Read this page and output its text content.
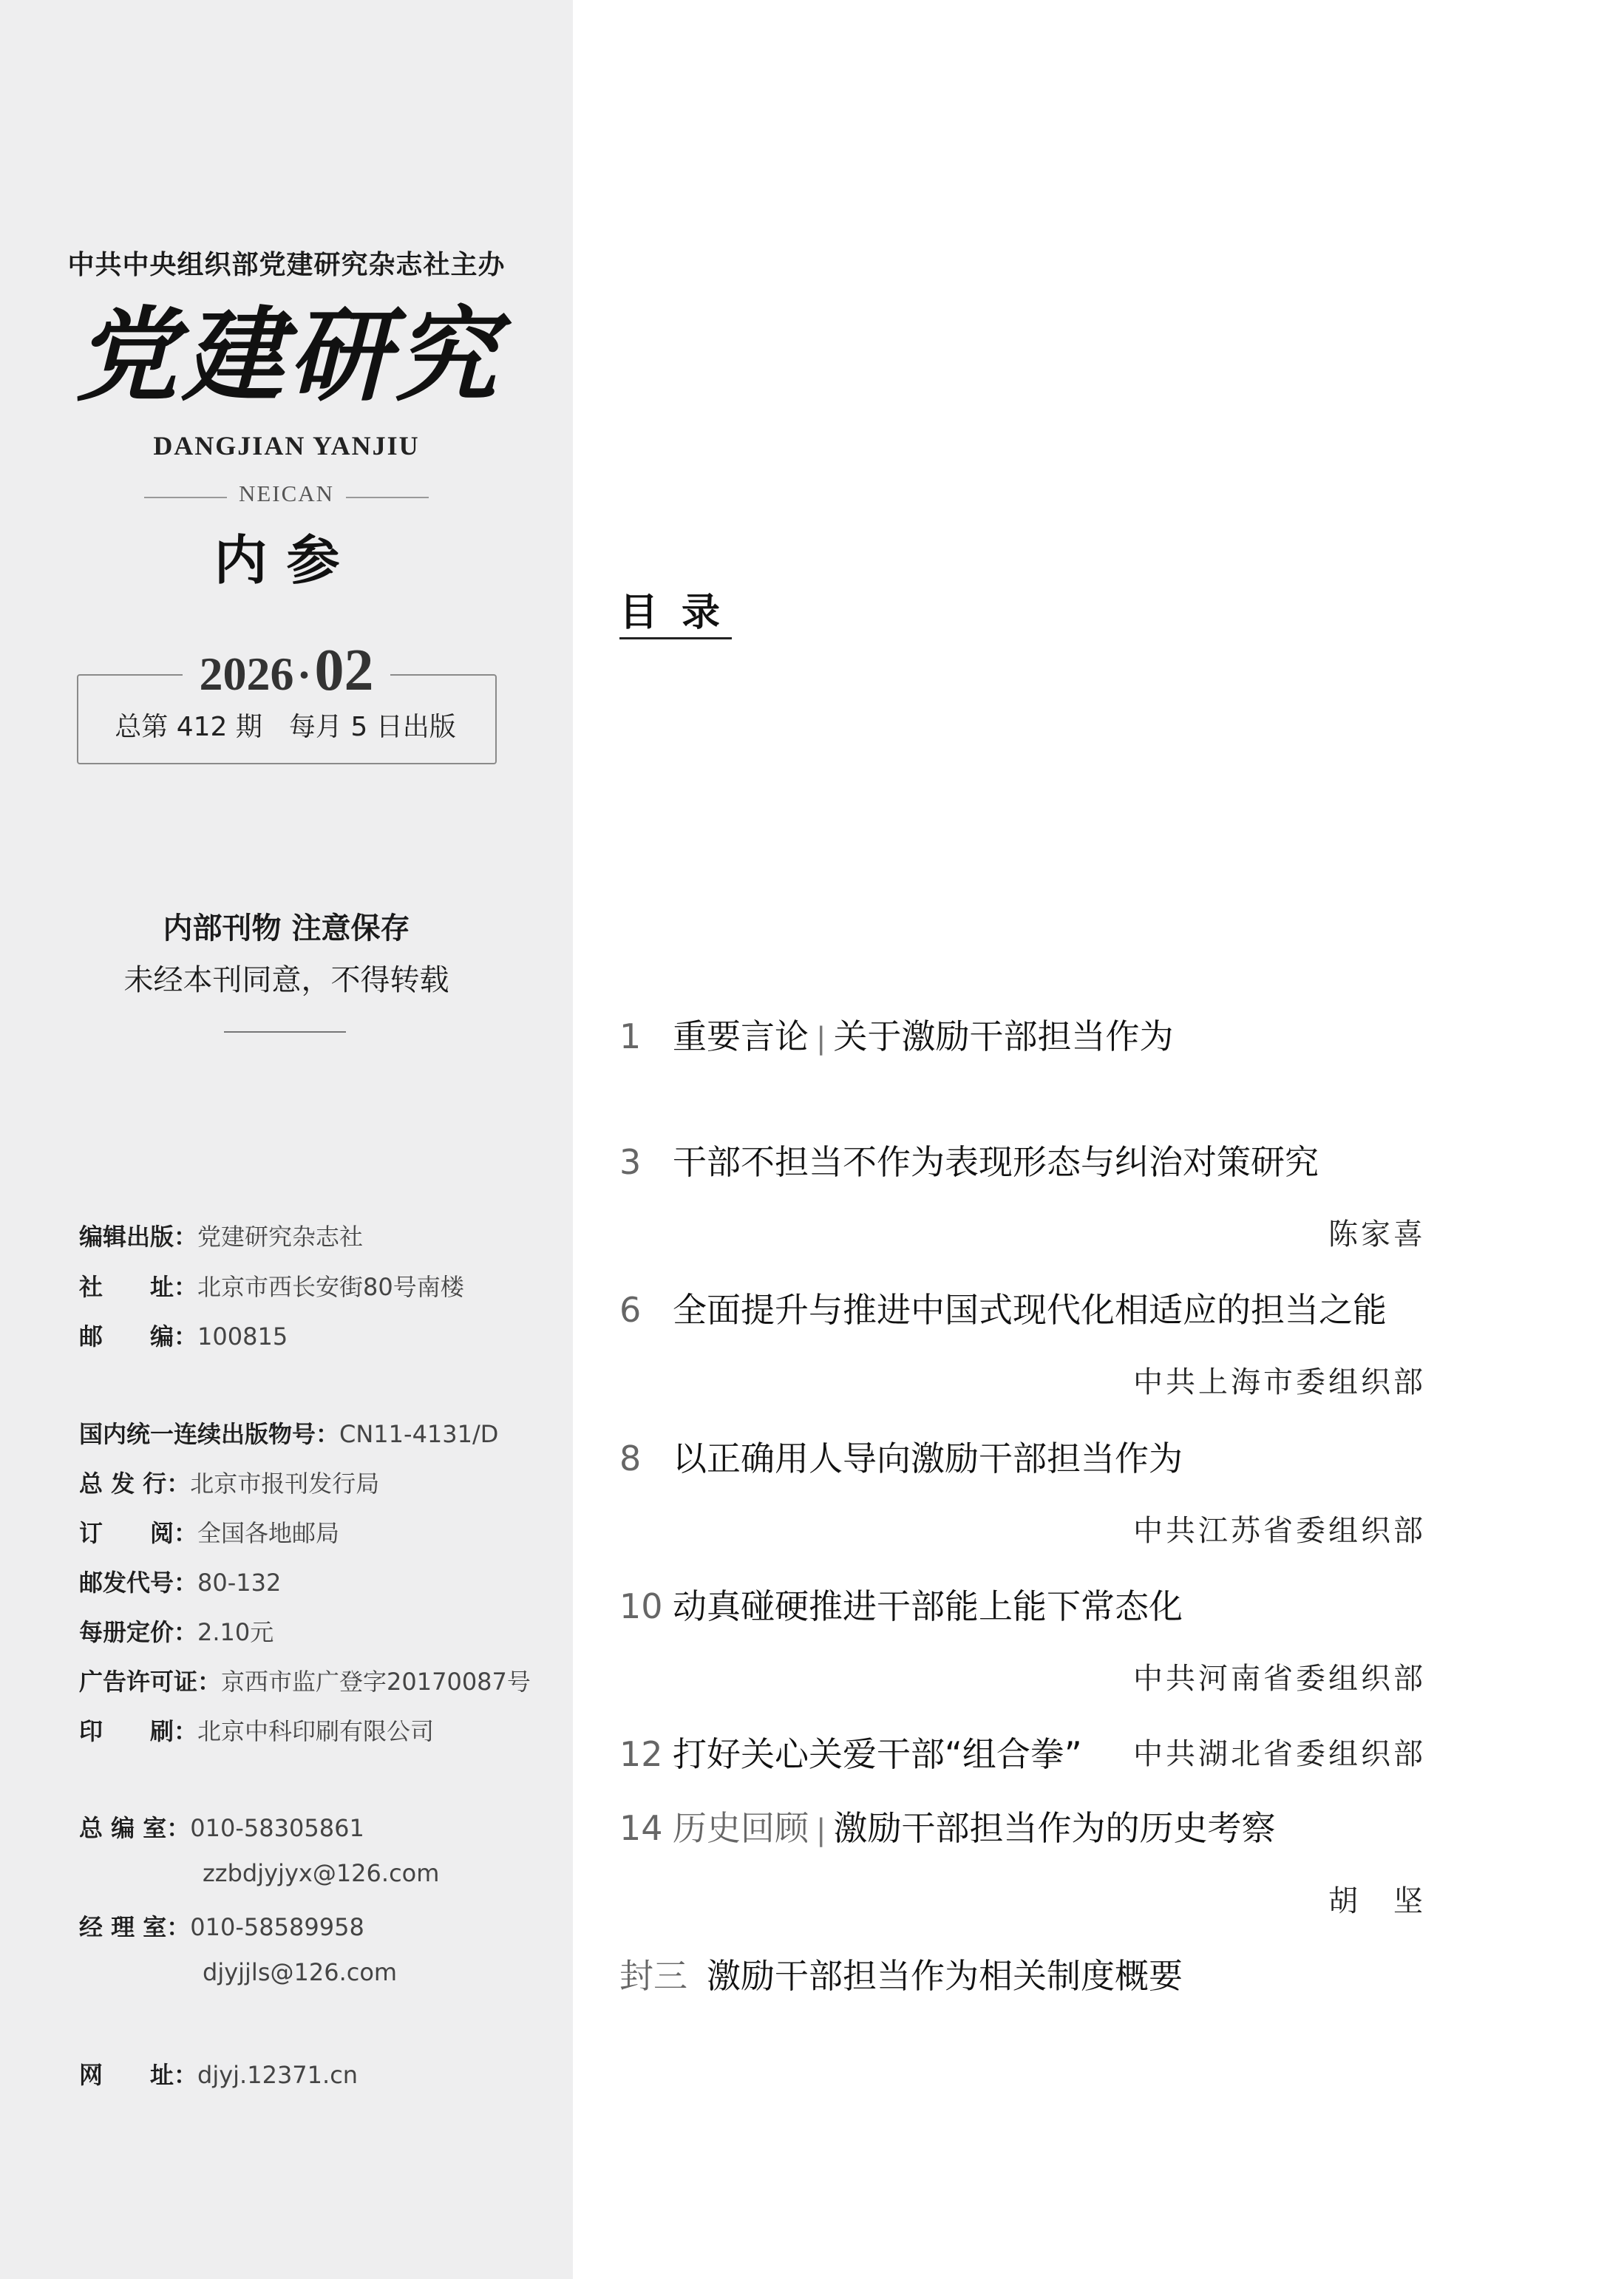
中共中央组织部党建研究杂志社主办
党建研究
DANGJIAN YANJIU
NEICAN
内参
2026·02
总第 412 期　每月 5 日出版
内部刊物 注意保存
未经本刊同意，不得转载
编辑出版：党建研究杂志社
社　　址：北京市西长安街80号南楼
邮　　编：100815
国内统一连续出版物号：CN11-4131/D
总 发 行：北京市报刊发行局
订　　阅：全国各地邮局
邮发代号：80-132
每册定价：2.10元
广告许可证：京西市监广登字20170087号
印　　刷：北京中科印刷有限公司
总 编 室：010-58305861
zzbdjyjyx@126.com
经 理 室：010-58589958
djyjjls@126.com
网　　址：djyj.12371.cn
目录
1 重要言论 | 关于激励干部担当作为
3 干部不担当不作为表现形态与纠治对策研究
陈家喜
6 全面提升与推进中国式现代化相适应的担当之能
中共上海市委组织部
8 以正确用人导向激励干部担当作为
中共江苏省委组织部
10 动真碰硬推进干部能上能下常态化
中共河南省委组织部
12 打好关心关爱干部“组合拳” 中共湖北省委组织部
14 历史回顾 | 激励干部担当作为的历史考察
胡　坚
封三 激励干部担当作为相关制度概要
